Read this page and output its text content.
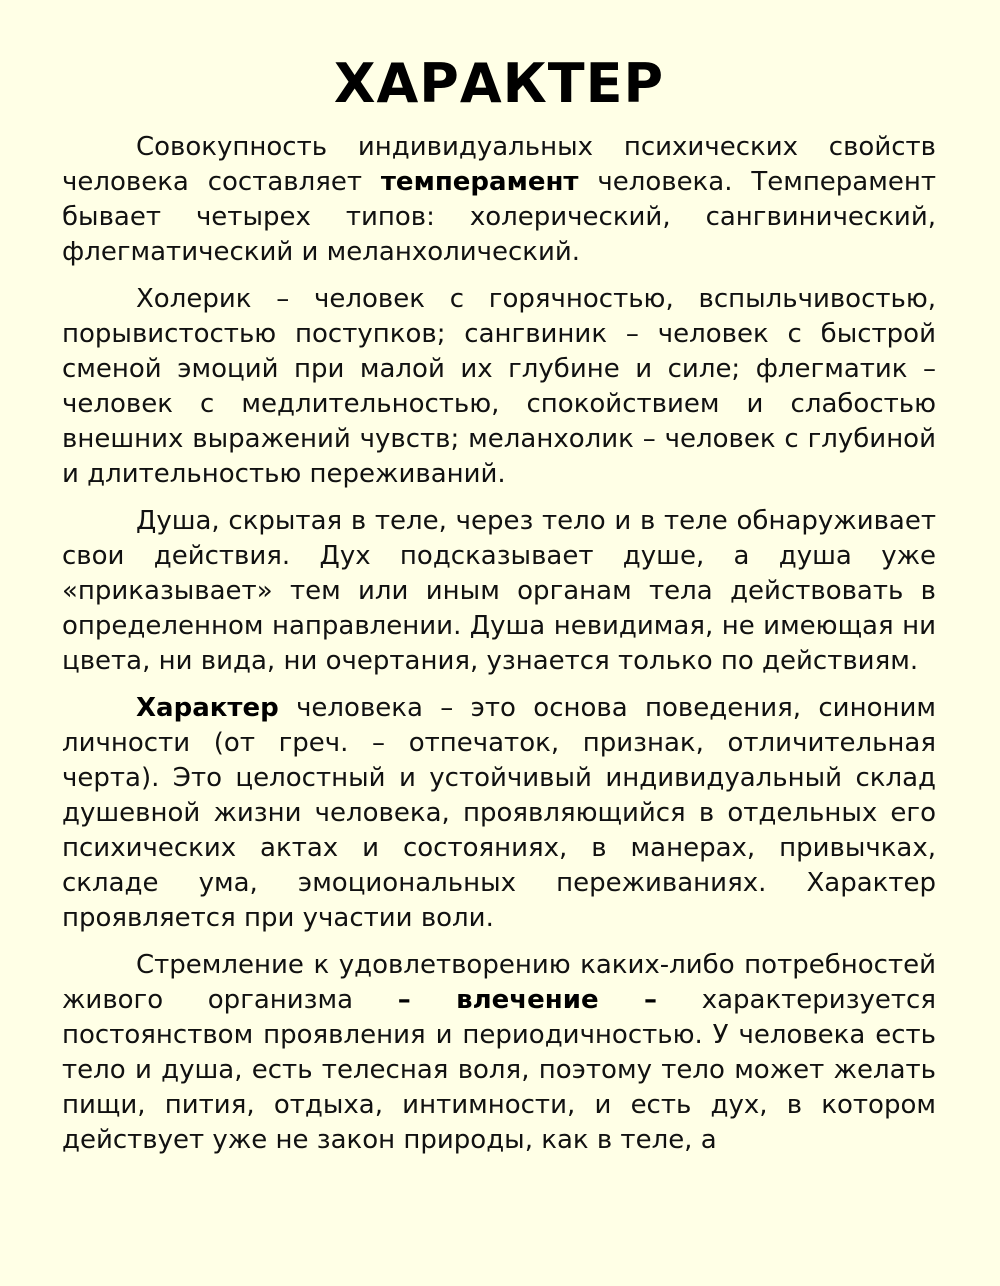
ХАРАКТЕР

Совокупность индивидуальных психических свойств человека составляет темперамент человека. Темперамент бывает четырех типов: холерический, сангвинический, флегматический и меланхолический.

Холерик – человек с горячностью, вспыльчивостью, порывистостью поступков; сангвиник – человек с быстрой сменой эмоций при малой их глубине и силе; флегматик – человек с медлительностью, спокойствием и слабостью внешних выражений чувств; меланхолик – человек с глубиной и длительностью переживаний.

Душа, скрытая в теле, через тело и в теле обнаруживает свои действия. Дух подсказывает душе, а душа уже «приказывает» тем или иным органам тела действовать в определенном направлении. Душа невидимая, не имеющая ни цвета, ни вида, ни очертания, узнается только по действиям.

Характер человека – это основа поведения, синоним личности (от греч. – отпечаток, признак, отличительная черта). Это целостный и устойчивый индивидуальный склад душевной жизни человека, проявляющийся в отдельных его психических актах и состояниях, в манерах, привычках, складе ума, эмоциональных переживаниях. Характер проявляется при участии воли.

Стремление к удовлетворению каких-либо потребностей живого организма – влечение – характеризуется постоянством проявления и периодичностью. У человека есть тело и душа, есть телесная воля, поэтому тело может желать пищи, пития, отдыха, интимности, и есть дух, в котором действует уже не закон природы, как в теле, а
